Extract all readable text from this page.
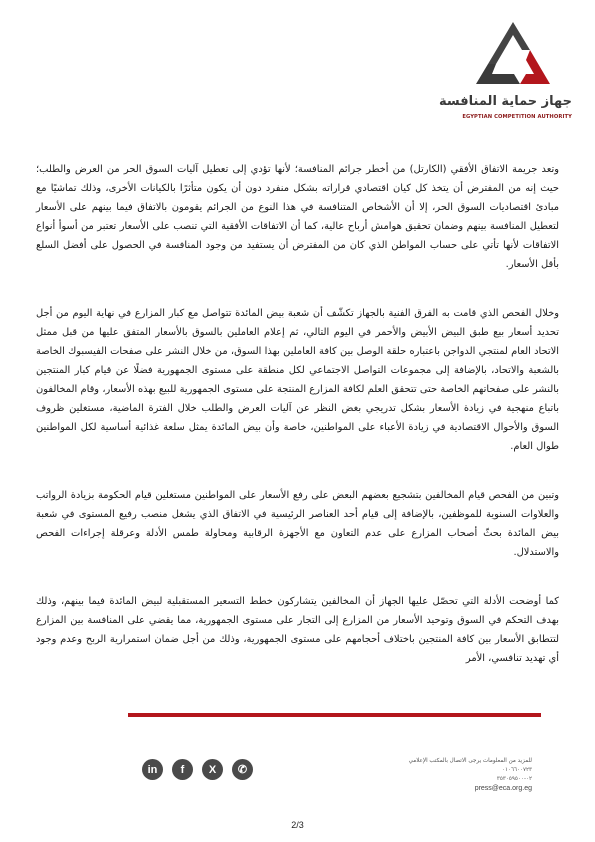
جهاز حماية المنافسة
EGYPTIAN COMPETITION AUTHORITY

وتعد جريمة الاتفاق الأفقي (الكارتل) من أخطر جرائم المنافسة؛ لأنها تؤدي إلى تعطيل آليات السوق الحر من العرض والطلب؛ حيث إنه من المفترض أن يتخذ كل كيان اقتصادي قراراته بشكل منفرد دون أن يكون متأثرًا بالكيانات الأخرى، وذلك تماشيًا مع مبادئ اقتصاديات السوق الحر، إلا أن الأشخاص المتنافسة في هذا النوع من الجرائم يقومون بالاتفاق فيما بينهم على الأسعار لتعطيل المنافسة بينهم وضمان تحقيق هوامش أرباح عالية، كما أن الاتفاقات الأفقية التي تنصب على الأسعار تعتبر من أسوأ أنواع الاتفاقات لأنها تأتي على حساب المواطن الذي كان من المفترض أن يستفيد من وجود المنافسة في الحصول على أفضل السلع بأقل الأسعار.

وخلال الفحص الذي قامت به الفرق الفنية بالجهاز تكشّف أن شعبة بيض المائدة تتواصل مع كبار المزارع في نهاية اليوم من أجل تحديد أسعار بيع طبق البيض الأبيض والأحمر في اليوم التالي، ثم إعلام العاملين بالسوق بالأسعار المتفق عليها من قبل ممثل الاتحاد العام لمنتجي الدواجن باعتباره حلقة الوصل بين كافة العاملين بهذا السوق، من خلال النشر على صفحات الفيسبوك الخاصة بالشعبة والاتحاد، بالإضافة إلى مجموعات التواصل الاجتماعي لكل منطقة على مستوى الجمهورية فضلًا عن قيام كبار المنتجين بالنشر على صفحاتهم الخاصة حتى تتحقق العلم لكافة المزارع المنتجة على مستوى الجمهورية للبيع بهذه الأسعار، وقام المخالفون باتباع منهجية في زيادة الأسعار بشكل تدريجي بغض النظر عن آليات العرض والطلب خلال الفترة الماضية، مستغلين ظروف السوق والأحوال الاقتصادية في زيادة الأعباء على المواطنين، خاصة وأن بيض المائدة يمثل سلعة غذائية أساسية لكل المواطنين طوال العام.

وتبين من الفحص قيام المخالفين بتشجيع بعضهم البعض على رفع الأسعار على المواطنين مستغلين قيام الحكومة بزيادة الرواتب والعلاوات السنوية للموظفين، بالإضافة إلى قيام أحد العناصر الرئيسية في الاتفاق الذي يشغل منصب رفيع المستوى في شعبة بيض المائدة بحثّ أصحاب المزارع على عدم التعاون مع الأجهزة الرقابية ومحاولة طمس الأدلة وعرقلة إجراءات الفحص والاستدلال.

كما أوضحت الأدلة التي تحصّل عليها الجهاز أن المخالفين يتشاركون خطط التسعير المستقبلية لبيض المائدة فيما بينهم، وذلك بهدف التحكم في السوق وتوحيد الأسعار من المزارع إلى التجار على مستوى الجمهورية، مما يقضي على المنافسة بين المزارع لتتطابق الأسعار بين كافة المنتجين باختلاف أحجامهم على مستوى الجمهورية، وذلك من أجل ضمان استمرارية الربح وعدم وجود أي تهديد تنافسي، الأمر

in	f	X	✆
للمزيد من المعلومات يرجى الاتصال بالمكتب الإعلامي
٠١٠٦٦٠٠٧٢٣
٠٢-٣٥٣٠٥٩٥٠٠
press@eca.org.eg
2/3
